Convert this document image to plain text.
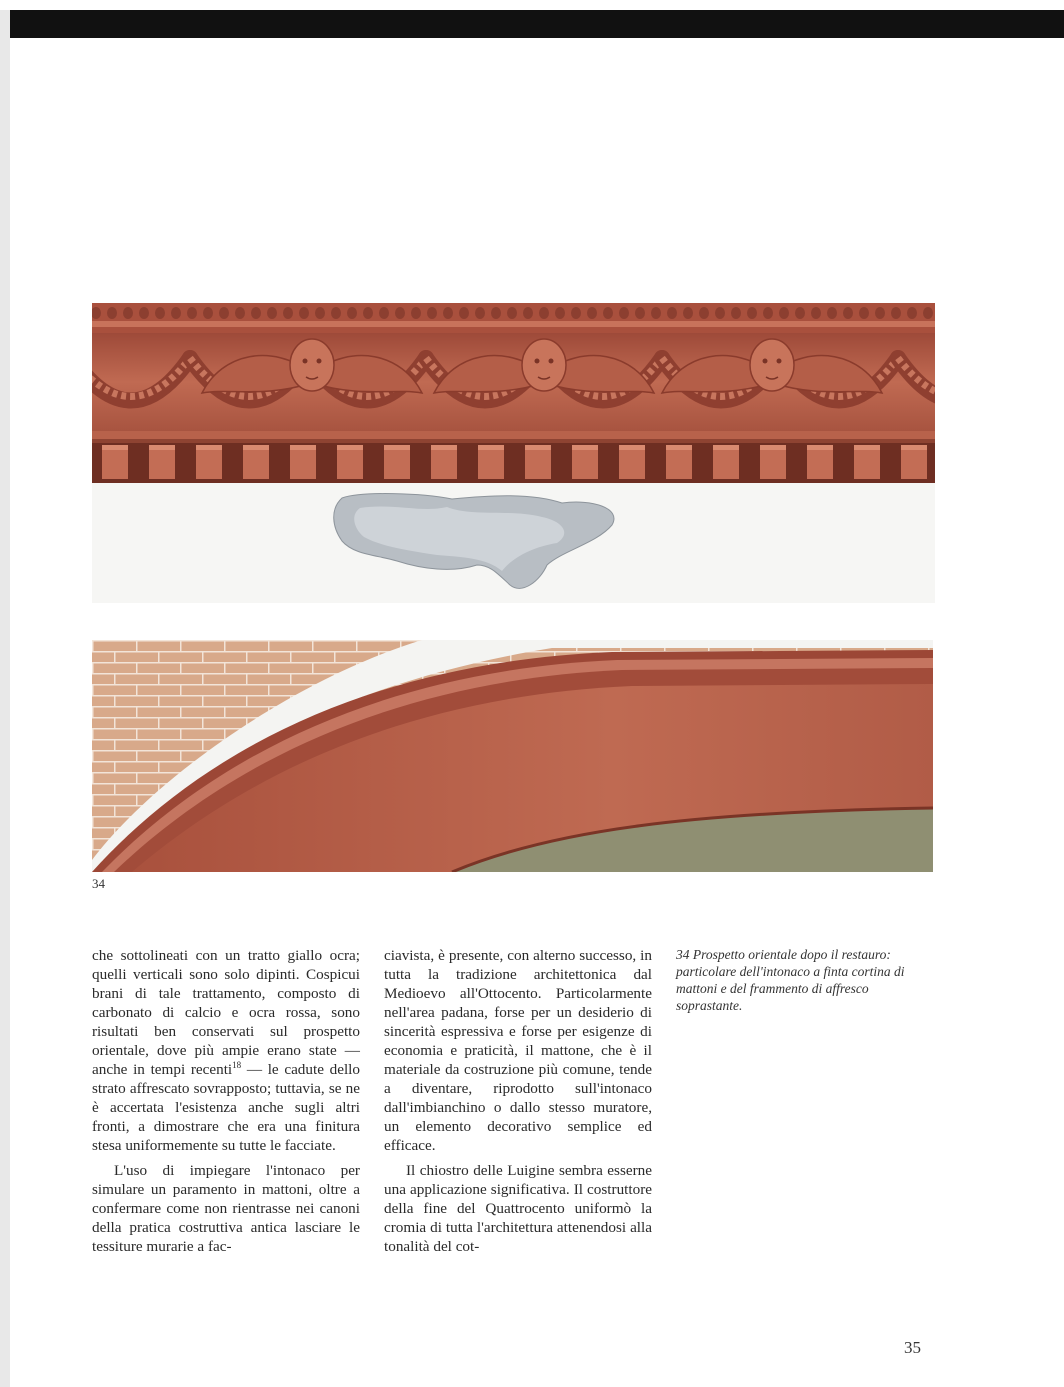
34

che sottolineati con un tratto giallo ocra; quelli verticali sono solo dipinti. Cospicui brani di tale trattamento, composto di carbonato di calcio e ocra rossa, sono risultati ben conservati sul prospetto orientale, dove più ampie erano state — anche in tempi recenti$^{18}$ — le cadute dello strato affrescato sovrapposto; tuttavia, se ne è accertata l'esistenza anche sugli altri fronti, a dimostrare che era una finitura stesa uniformemente su tutte le facciate.

L'uso di impiegare l'intonaco per simulare un paramento in mattoni, oltre a confermare come non rientrasse nei canoni della pratica costruttiva antica lasciare le tessiture murarie a fac-

ciavista, è presente, con alterno successo, in tutta la tradizione architettonica dal Medioevo all'Ottocento. Particolarmente nell'area padana, forse per un desiderio di sincerità espressiva e forse per esigenze di economia e praticità, il mattone, che è il materiale da costruzione più comune, tende a diventare, riprodotto sull'intonaco dall'imbianchino o dallo stesso muratore, un elemento decorativo semplice ed efficace.

Il chiostro delle Luigine sembra esserne una applicazione significativa. Il costruttore della fine del Quattrocento uniformò la cromia di tutta l'architettura attenendosi alla tonalità del cot-

34 Prospetto orientale dopo il restauro: particolare dell'intonaco a finta cortina di mattoni e del frammento di affresco soprastante.
35
